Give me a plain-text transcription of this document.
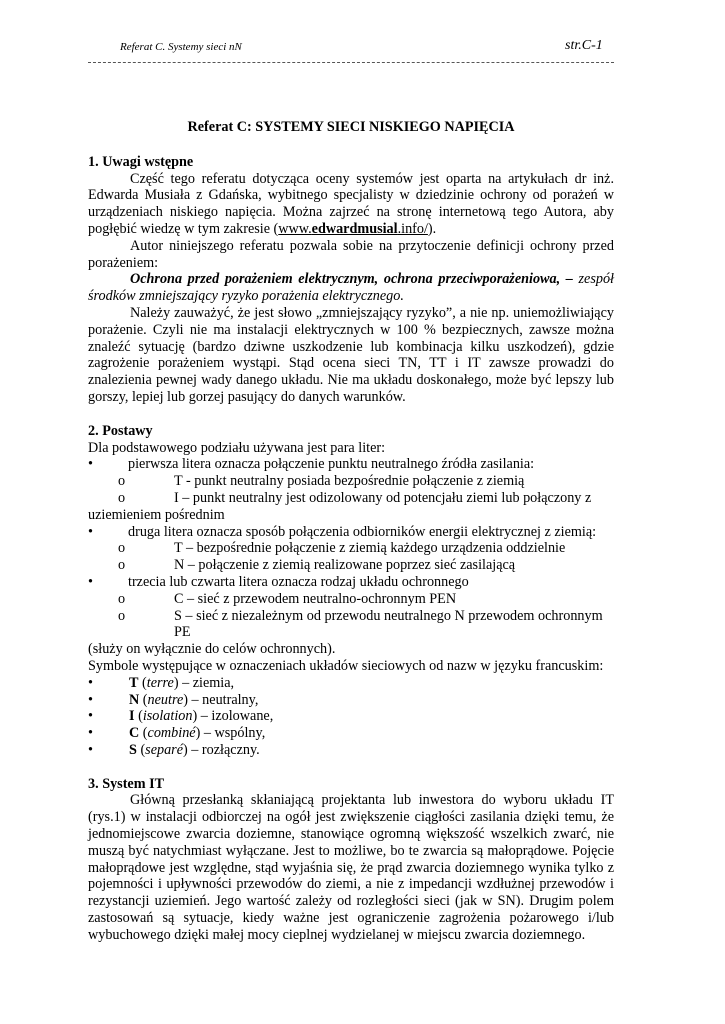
Referat C. Systemy sieci nN	str.C-1

Referat C: SYSTEMY SIECI NISKIEGO NAPIĘCIA

1. Uwagi wstępne

Część tego referatu dotycząca oceny systemów jest oparta na artykułach dr inż. Edwarda Musiała z Gdańska, wybitnego specjalisty w dziedzinie ochrony od porażeń w urządzeniach niskiego napięcia. Można zajrzeć na stronę internetową tego Autora, aby pogłębić wiedzę w tym zakresie (www.edwardmusial.info/).

Autor niniejszego referatu pozwala sobie na przytoczenie definicji ochrony przed porażeniem:

Ochrona przed porażeniem elektrycznym, ochrona przeciwporażeniowa, – zespół środków zmniejszający ryzyko porażenia elektrycznego.

Należy zauważyć, że jest słowo „zmniejszający ryzyko”, a nie np. uniemożliwiający porażenie. Czyli nie ma instalacji elektrycznych w 100 % bezpiecznych, zawsze można znaleźć sytuację (bardzo dziwne uszkodzenie lub kombinacja kilku uszkodzeń), gdzie zagrożenie porażeniem wystąpi. Stąd ocena sieci TN, TT i IT zawsze prowadzi do znalezienia pewnej wady danego układu. Nie ma układu doskonałego, może być lepszy lub gorszy, lepiej lub gorzej pasujący do danych warunków.

2. Postawy

Dla podstawowego podziału używana jest para liter:

• pierwsza litera oznacza połączenie punktu neutralnego źródła zasilania:

o	T - punkt neutralny posiada bezpośrednie połączenie z ziemią

o	I – punkt neutralny jest odizolowany od potencjału ziemi lub połączony z

uziemieniem pośrednim

• druga litera oznacza sposób połączenia odbiorników energii elektrycznej z ziemią:

o	T – bezpośrednie połączenie z ziemią każdego urządzenia oddzielnie

o	N – połączenie z ziemią realizowane poprzez sieć zasilającą

• trzecia lub czwarta litera oznacza rodzaj układu ochronnego

o	C – sieć z przewodem neutralno-ochronnym PEN

o	S – sieć z niezależnym od przewodu neutralnego N przewodem ochronnym PE

(służy on wyłącznie do celów ochronnych).

Symbole występujące w oznaczeniach układów sieciowych od nazw w języku francuskim:

•	T (terre) – ziemia,

•	N (neutre) – neutralny,

•	I (isolation) – izolowane,

•	C (combiné) – wspólny,

•	S (separé) – rozłączny.

3. System IT

Główną przesłanką skłaniającą projektanta lub inwestora do wyboru układu IT (rys.1) w instalacji odbiorczej na ogół jest zwiększenie ciągłości zasilania dzięki temu, że jednomiejscowe zwarcia doziemne, stanowiące ogromną większość wszelkich zwarć, nie muszą być natychmiast wyłączane. Jest to możliwe, bo te zwarcia są małoprądowe. Pojęcie małoprądowe jest względne, stąd wyjaśnia się, że prąd zwarcia doziemnego wynika tylko z pojemności i upływności przewodów do ziemi, a nie z impedancji wzdłużnej przewodów i rezystancji uziemień. Jego wartość zależy od rozległości sieci (jak w SN). Drugim polem zastosowań są sytuacje, kiedy ważne jest ograniczenie zagrożenia pożarowego i/lub wybuchowego dzięki małej mocy cieplnej wydzielanej w miejscu zwarcia doziemnego.
